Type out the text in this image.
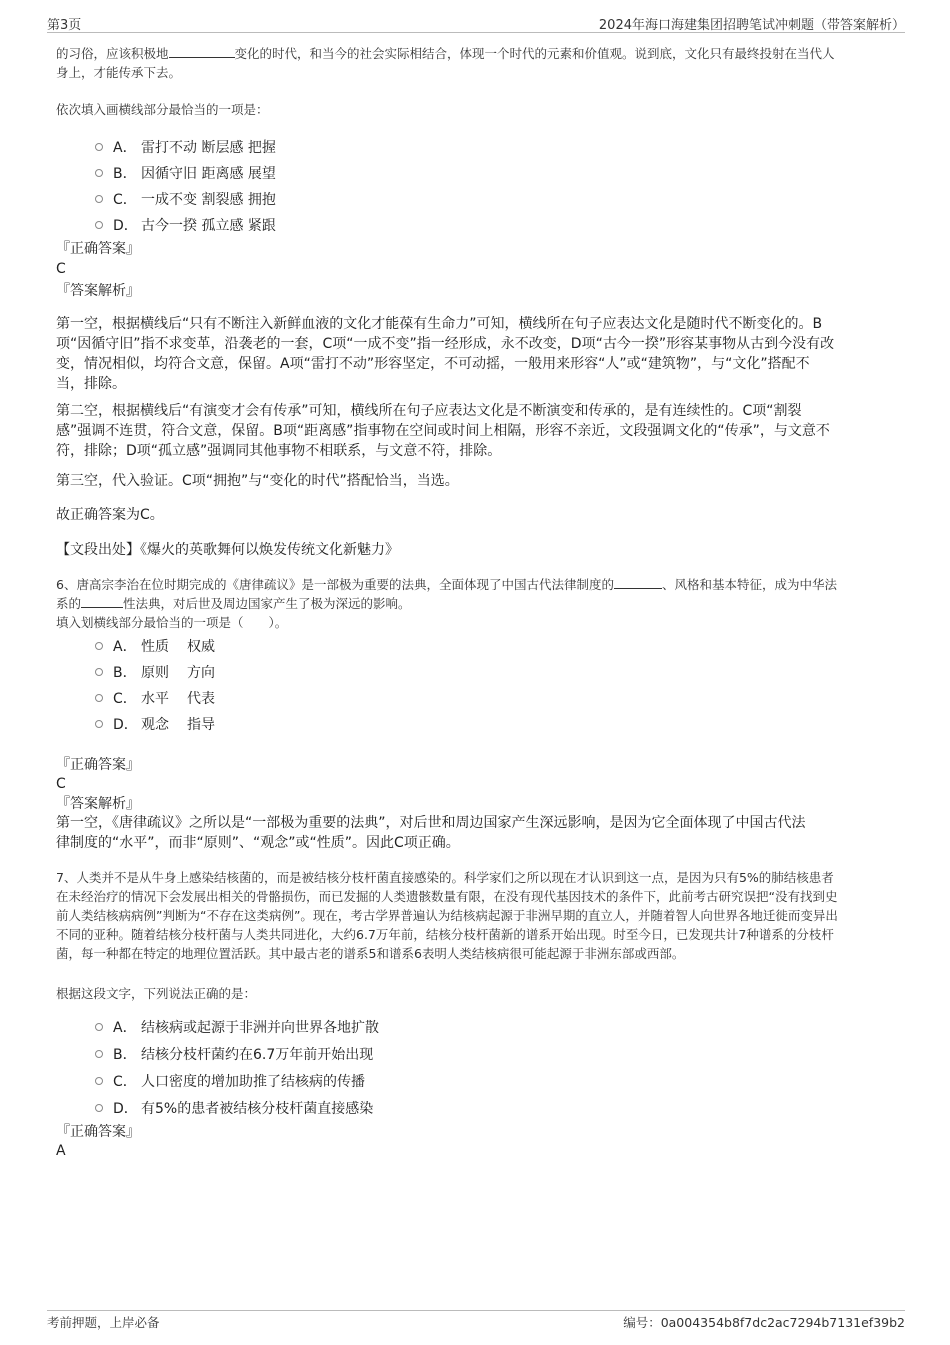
第3页	2024年海口海建集团招聘笔试冲刺题（带答案解析）

的习俗，应该积极地	变化的时代，和当今的社会实际相结合，体现一个时代的元素和价值观。说到底，文化只有最终投射在当代人

身上，才能传承下去。

依次填入画横线部分最恰当的一项是：
A． 雷打不动 断层感 把握
B． 因循守旧 距离感 展望
C． 一成不变 割裂感 拥抱
D． 古今一揆 孤立感 紧跟
『正确答案』
C
『答案解析』

第一空，根据横线后“只有不断注入新鲜血液的文化才能葆有生命力”可知，横线所在句子应表达文化是随时代不断变化的。B

项“因循守旧”指不求变革，沿袭老的一套，C项“一成不变”指一经形成，永不改变，D项“古今一揆”形容某事物从古到今没有改

变，情况相似，均符合文意，保留。A项“雷打不动”形容坚定，不可动摇，一般用来形容“人”或“建筑物”，与“文化”搭配不

当，排除。

第二空，根据横线后“有演变才会有传承”可知，横线所在句子应表达文化是不断演变和传承的，是有连续性的。C项“割裂

感”强调不连贯，符合文意，保留。B项“距离感”指事物在空间或时间上相隔，形容不亲近，文段强调文化的“传承”，与文意不

符，排除；D项“孤立感”强调同其他事物不相联系，与文意不符，排除。

第三空，代入验证。C项“拥抱”与“变化的时代”搭配恰当，当选。
故正确答案为C。
【文段出处】《爆火的英歌舞何以焕发传统文化新魅力》

6、唐高宗李治在位时期完成的《唐律疏议》是一部极为重要的法典，全面体现了中国古代法律制度的	、风格和基本特征，成为中华法

系的	性法典，对后世及周边国家产生了极为深远的影响。

填入划横线部分最恰当的一项是（　　）。

A． 性质	权威
B． 原则	方向
C． 水平	代表
D． 观念	指导
『正确答案』
C
『答案解析』

第一空，《唐律疏议》之所以是“一部极为重要的法典”，对后世和周边国家产生深远影响，是因为它全面体现了中国古代法

律制度的“水平”，而非“原则”、“观念”或“性质”。因此C项正确。

7、人类并不是从牛身上感染结核菌的，而是被结核分枝杆菌直接感染的。科学家们之所以现在才认识到这一点，是因为只有5%的肺结核患者

在未经治疗的情况下会发展出相关的骨骼损伤，而已发掘的人类遗骸数量有限，在没有现代基因技术的条件下，此前考古研究误把“没有找到史

前人类结核病病例”判断为“不存在这类病例”。现在，考古学界普遍认为结核病起源于非洲早期的直立人，并随着智人向世界各地迁徙而变异出

不同的亚种。随着结核分枝杆菌与人类共同进化，大约6.7万年前，结核分枝杆菌新的谱系开始出现。时至今日，已发现共计7种谱系的分枝杆

菌，每一种都在特定的地理位置活跃。其中最古老的谱系5和谱系6表明人类结核病很可能起源于非洲东部或西部。

根据这段文字，下列说法正确的是：
A． 结核病或起源于非洲并向世界各地扩散
B． 结核分枝杆菌约在6.7万年前开始出现
C． 人口密度的增加助推了结核病的传播
D． 有5%的患者被结核分枝杆菌直接感染
『正确答案』
A
考前押题，上岸必备	编号：0a004354b8f7dc2ac7294b7131ef39b2
